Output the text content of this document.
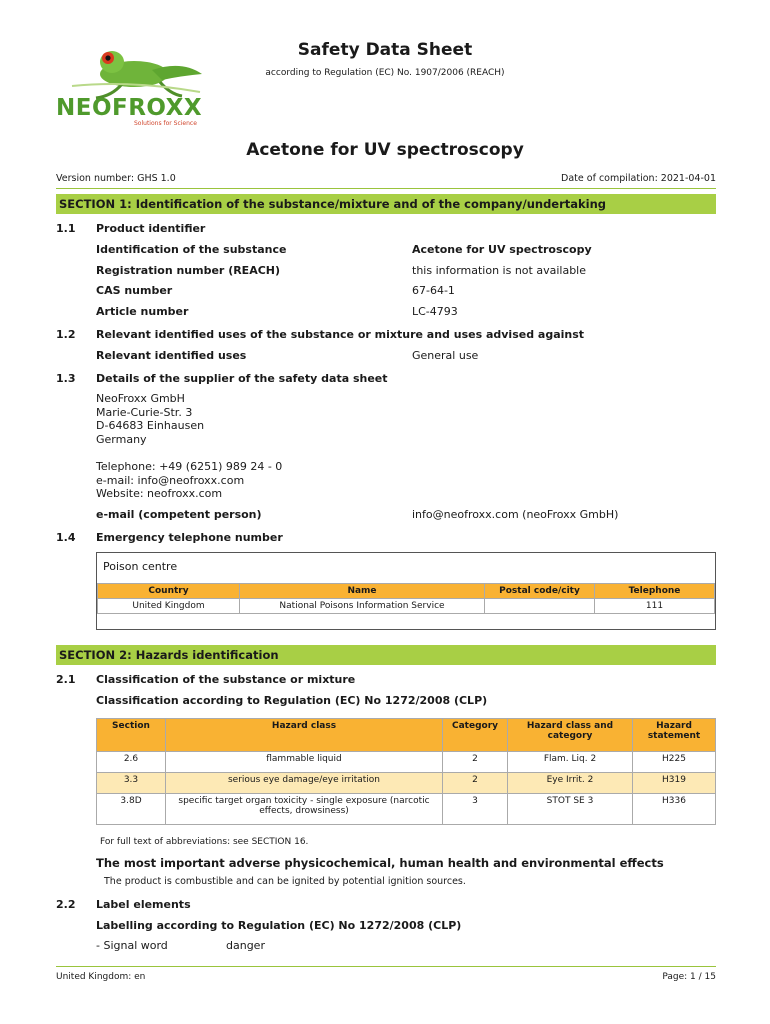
NEOFROXX
Solutions for Science
Safety Data Sheet
according to Regulation (EC) No. 1907/2006 (REACH)
Acetone for UV spectroscopy
Version number: GHS 1.0	Date of compilation: 2021-04-01
SECTION 1: Identification of the substance/mixture and of the company/undertaking
1.1 Product identifier
Identification of the substance	Acetone for UV spectroscopy
Registration number (REACH)	this information is not available
CAS number	67-64-1
Article number	LC-4793
1.2 Relevant identified uses of the substance or mixture and uses advised against
Relevant identified uses	General use
1.3 Details of the supplier of the safety data sheet
NeoFroxx GmbH
Marie-Curie-Str. 3
D-64683 Einhausen
Germany
Telephone: +49 (6251) 989 24 - 0
e-mail: info@neofroxx.com
Website: neofroxx.com
e-mail (competent person)	info@neofroxx.com (neoFroxx GmbH)
1.4 Emergency telephone number
Poison centre
Country	Name	Postal code/city	Telephone
United Kingdom	National Poisons Information Service		111
SECTION 2: Hazards identification
2.1 Classification of the substance or mixture
Classification according to Regulation (EC) No 1272/2008 (CLP)
Section	Hazard class	Category	Hazard class and category	Hazard statement
2.6	flammable liquid	2	Flam. Liq. 2	H225
3.3	serious eye damage/eye irritation	2	Eye Irrit. 2	H319
3.8D	specific target organ toxicity - single exposure (narcotic effects, drowsiness)	3	STOT SE 3	H336
For full text of abbreviations: see SECTION 16.
The most important adverse physicochemical, human health and environmental effects
The product is combustible and can be ignited by potential ignition sources.
2.2 Label elements
Labelling according to Regulation (EC) No 1272/2008 (CLP)
- Signal word	danger
United Kingdom: en	Page: 1 / 15
